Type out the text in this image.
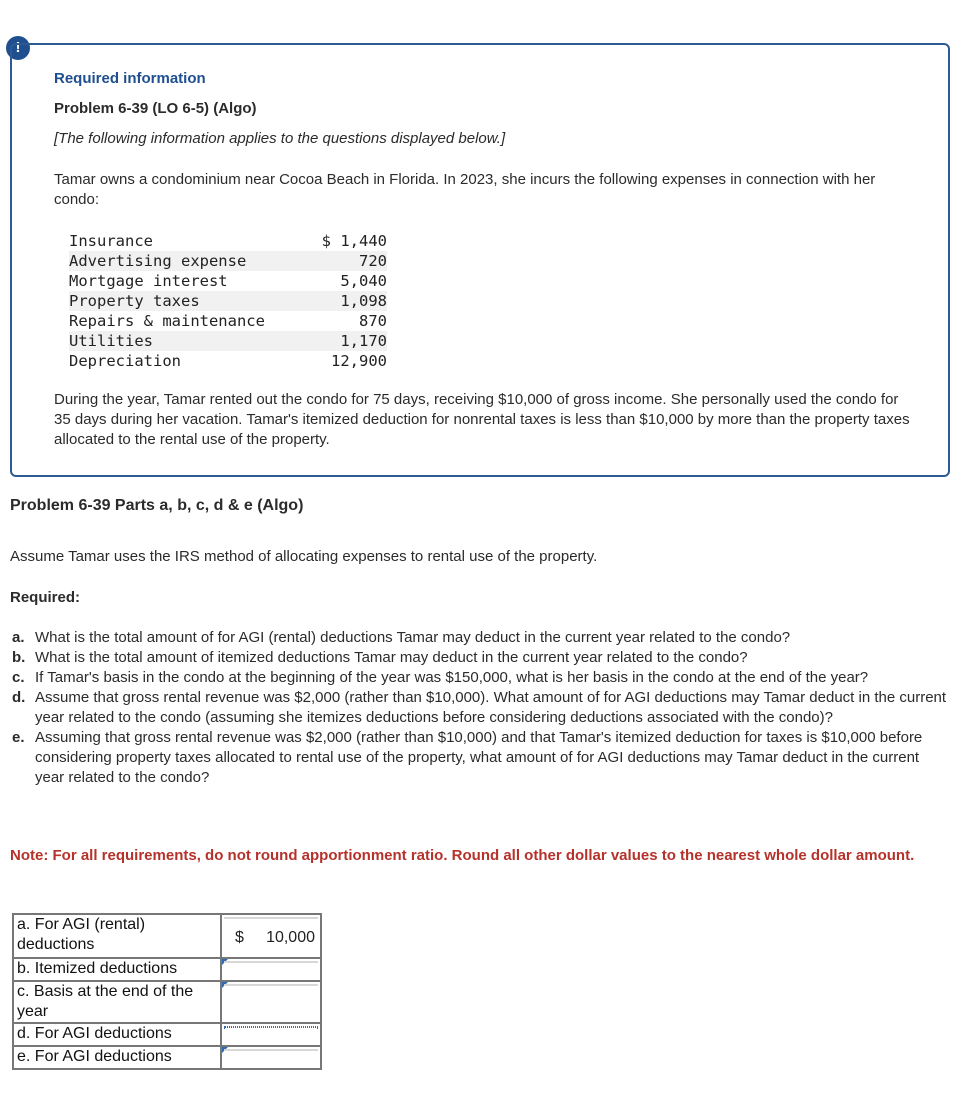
!
Required information
Problem 6-39 (LO 6-5) (Algo)
[The following information applies to the questions displayed below.]
Tamar owns a condominium near Cocoa Beach in Florida. In 2023, she incurs the following expenses in connection with her condo:
Insurance	$ 1,440
Advertising expense	720
Mortgage interest	5,040
Property taxes	1,098
Repairs & maintenance	870
Utilities	1,170
Depreciation	12,900
During the year, Tamar rented out the condo for 75 days, receiving $10,000 of gross income. She personally used the condo for 35 days during her vacation. Tamar's itemized deduction for nonrental taxes is less than $10,000 by more than the property taxes allocated to the rental use of the property.
Problem 6-39 Parts a, b, c, d & e (Algo)
Assume Tamar uses the IRS method of allocating expenses to rental use of the property.
Required:
a. What is the total amount of for AGI (rental) deductions Tamar may deduct in the current year related to the condo?
b. What is the total amount of itemized deductions Tamar may deduct in the current year related to the condo?
c. If Tamar's basis in the condo at the beginning of the year was $150,000, what is her basis in the condo at the end of the year?
d. Assume that gross rental revenue was $2,000 (rather than $10,000). What amount of for AGI deductions may Tamar deduct in the current year related to the condo (assuming she itemizes deductions before considering deductions associated with the condo)?
e. Assuming that gross rental revenue was $2,000 (rather than $10,000) and that Tamar's itemized deduction for taxes is $10,000 before considering property taxes allocated to rental use of the property, what amount of for AGI deductions may Tamar deduct in the current year related to the condo?
Note: For all requirements, do not round apportionment ratio. Round all other dollar values to the nearest whole dollar amount.
a. For AGI (rental) deductions	$ 10,000

b. Itemized deductions	

c. Basis at the end of the year	

d. For AGI deductions	

e. For AGI deductions	
